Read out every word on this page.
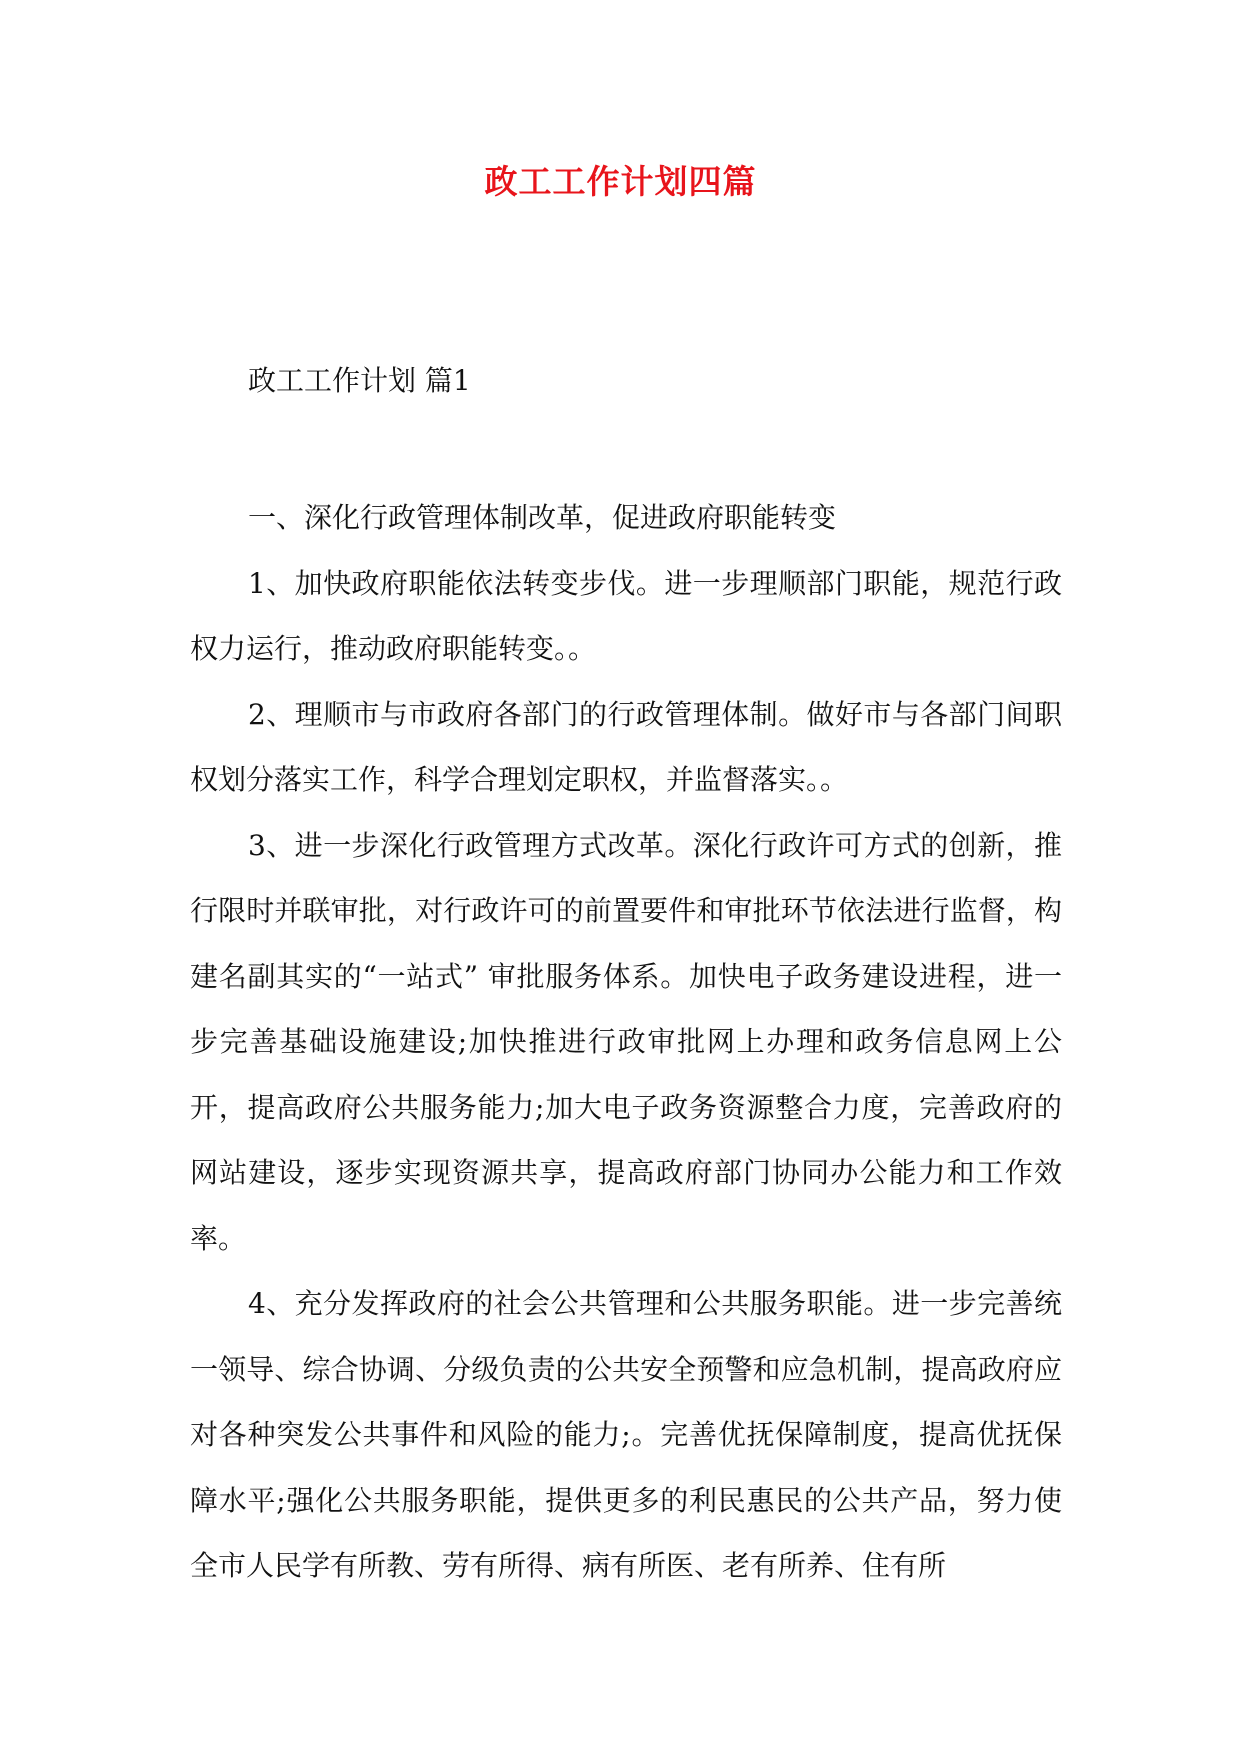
政工工作计划四篇
政工工作计划 篇1

一、深化行政管理体制改革，促进政府职能转变

1、加快政府职能依法转变步伐。进一步理顺部门职能，规范行政权力运行，推动政府职能转变。。

2、理顺市与市政府各部门的行政管理体制。做好市与各部门间职权划分落实工作，科学合理划定职权，并监督落实。。

3、进一步深化行政管理方式改革。深化行政许可方式的创新，推行限时并联审批，对行政许可的前置要件和审批环节依法进行监督，构建名副其实的“一站式” 审批服务体系。加快电子政务建设进程，进一步完善基础设施建设;加快推进行政审批网上办理和政务信息网上公开，提高政府公共服务能力;加大电子政务资源整合力度，完善政府的网站建设，逐步实现资源共享，提高政府部门协同办公能力和工作效率。

4、充分发挥政府的社会公共管理和公共服务职能。进一步完善统一领导、综合协调、分级负责的公共安全预警和应急机制，提高政府应对各种突发公共事件和风险的能力;。完善优抚保障制度，提高优抚保障水平;强化公共服务职能，提供更多的利民惠民的公共产品，努力使全市人民学有所教、劳有所得、病有所医、老有所养、住有所
